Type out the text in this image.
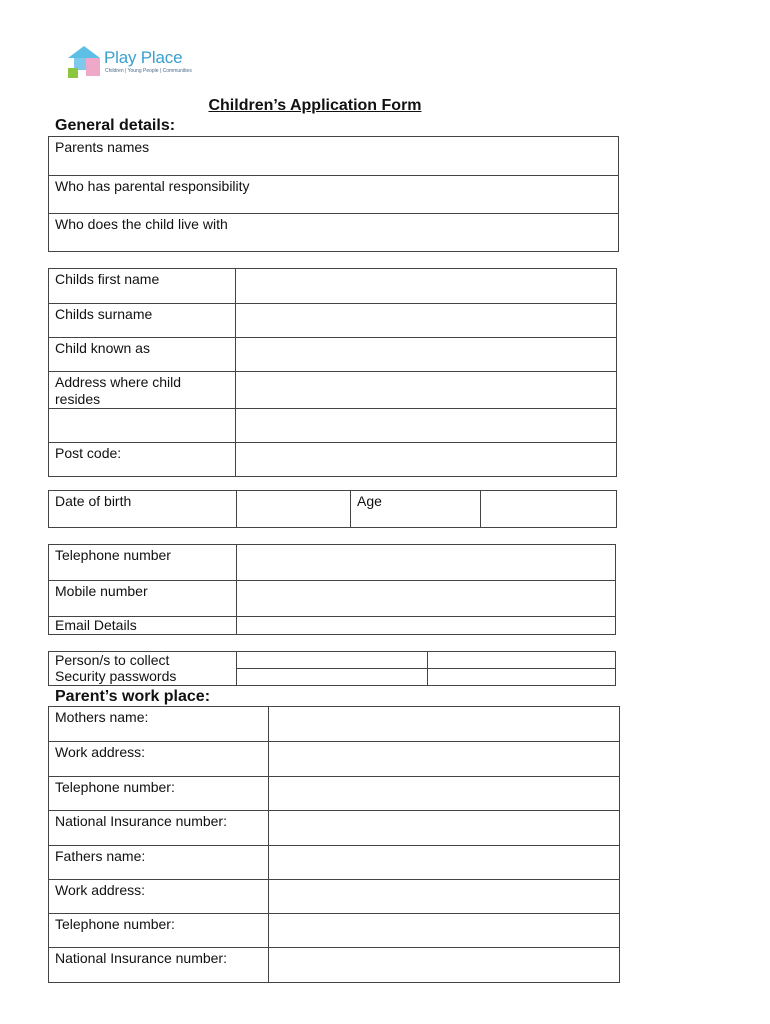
Play Place
Children | Young People | Communities
Children’s Application Form
General details:
Parents names
Who has parental responsibility
Who does the child live with
Childs first name	
Childs surname	
Child known as	
Address where child resides	

Post code:	
Date of birth		Age	
Telephone number	
Mobile number	
Email Details	
Person/s to collect		
Security passwords		
Parent’s work place:
Mothers name:	
Work address:	
Telephone number:	
National Insurance number:	
Fathers name:	
Work address:	
Telephone number:	
National Insurance number:	
